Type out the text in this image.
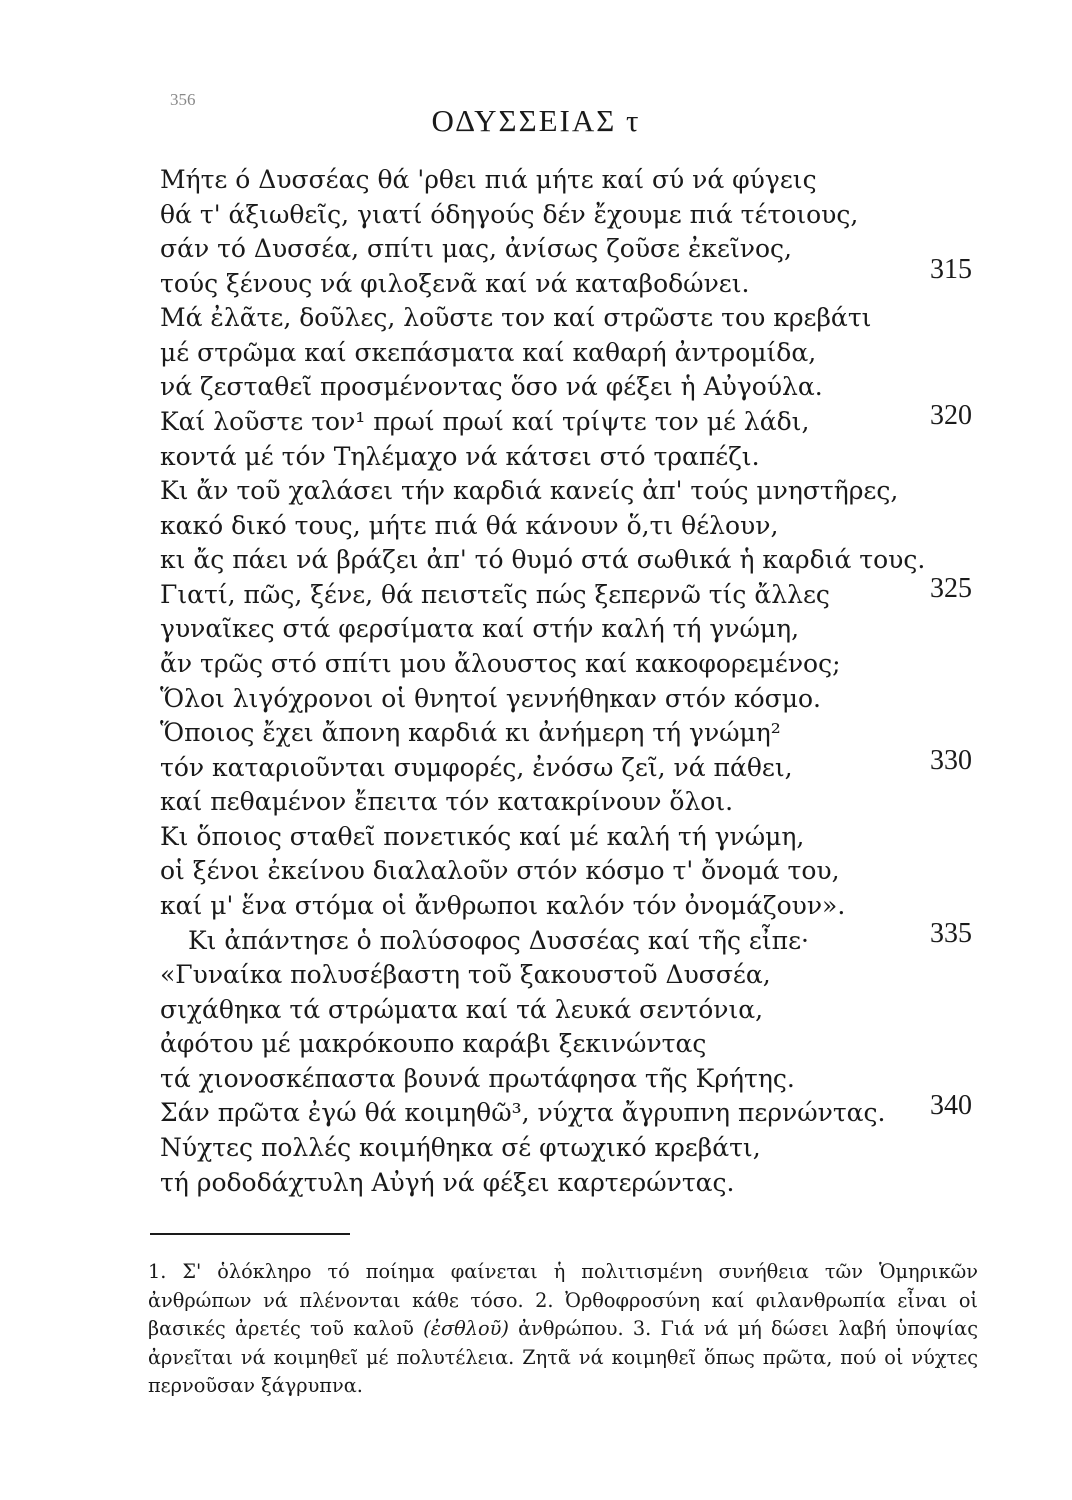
356
ΟΔΥΣΣΕΙΑΣ τ
Μήτε ό Δυσσέας θά 'ρθει πιά μήτε καί σύ νά φύγεις
θά τ' άξιωθεῖς, γιατί όδηγούς δέν ἔχουμε πιά τέτοιους,
σάν τό Δυσσέα, σπίτι μας, ἀνίσως ζοῦσε ἐκεῖνος,
τούς ξένους νά φιλοξενᾶ καί νά καταβοδώνει.
Μά ἐλᾶτε, δοῦλες, λοῦστε τον καί στρῶστε του κρεβάτι
μέ στρῶμα καί σκεπάσματα καί καθαρή ἀντρομίδα,
νά ζεσταθεῖ προσμένοντας ὅσο νά φέξει ἡ Αὐγούλα.
Καί λοῦστε τον¹ πρωί πρωί καί τρίψτε τον μέ λάδι,
κοντά μέ τόν Τηλέμαχο νά κάτσει στό τραπέζι.
Κι ἄν τοῦ χαλάσει τήν καρδιά κανείς ἀπ' τούς μνηστῆρες,
κακό δικό τους, μήτε πιά θά κάνουν ὅ,τι θέλουν,
κι ἄς πάει νά βράζει ἀπ' τό θυμό στά σωθικά ἡ καρδιά τους.
Γιατί, πῶς, ξένε, θά πειστεῖς πώς ξεπερνῶ τίς ἄλλες
γυναῖκες στά φερσίματα καί στήν καλή τή γνώμη,
ἄν τρῶς στό σπίτι μου ἄλουστος καί κακοφορεμένος;
Ὅλοι λιγόχρονοι οἱ θνητοί γεννήθηκαν στόν κόσμο.
Ὅποιος ἔχει ἄπονη καρδιά κι ἀνήμερη τή γνώμη²
τόν καταριοῦνται συμφορές, ἐνόσω ζεῖ, νά πάθει,
καί πεθαμένον ἔπειτα τόν κατακρίνουν ὅλοι.
Κι ὅποιος σταθεῖ πονετικός καί μέ καλή τή γνώμη,
οἱ ξένοι ἐκείνου διαλαλοῦν στόν κόσμο τ' ὄνομά του,
καί μ' ἕνα στόμα οἱ ἄνθρωποι καλόν τόν ὀνομάζουν».
Κι ἀπάντησε ὁ πολύσοφος Δυσσέας καί τῆς εἶπε·
«Γυναίκα πολυσέβαστη τοῦ ξακουστοῦ Δυσσέα,
σιχάθηκα τά στρώματα καί τά λευκά σεντόνια,
ἀφότου μέ μακρόκουπο καράβι ξεκινώντας
τά χιονοσκέπαστα βουνά πρωτάφησα τῆς Κρήτης.
Σάν πρῶτα ἐγώ θά κοιμηθῶ³, νύχτα ἄγρυπνη περνώντας.
Νύχτες πολλές κοιμήθηκα σέ φτωχικό κρεβάτι,
τή ροδοδάχτυλη Αὐγή νά φέξει καρτερώντας.
315
320
325
330
335
340
1. Σ' ὁλόκληρο τό ποίημα φαίνεται ἡ πολιτισμένη συνήθεια τῶν Ὁμηρικῶν ἀνθρώπων νά πλένονται κάθε τόσο. 2. Ὀρθοφροσύνη καί φιλανθρωπία εἶναι οἱ βασικές ἀρετές τοῦ καλοῦ (ἐσθλοῦ) ἀνθρώπου. 3. Γιά νά μή δώσει λαβή ὑποψίας ἀρνεῖται νά κοιμηθεῖ μέ πολυτέλεια. Ζητᾶ νά κοιμηθεῖ ὅπως πρῶτα, πού οἱ νύχτες περνοῦσαν ξάγρυπνα.
